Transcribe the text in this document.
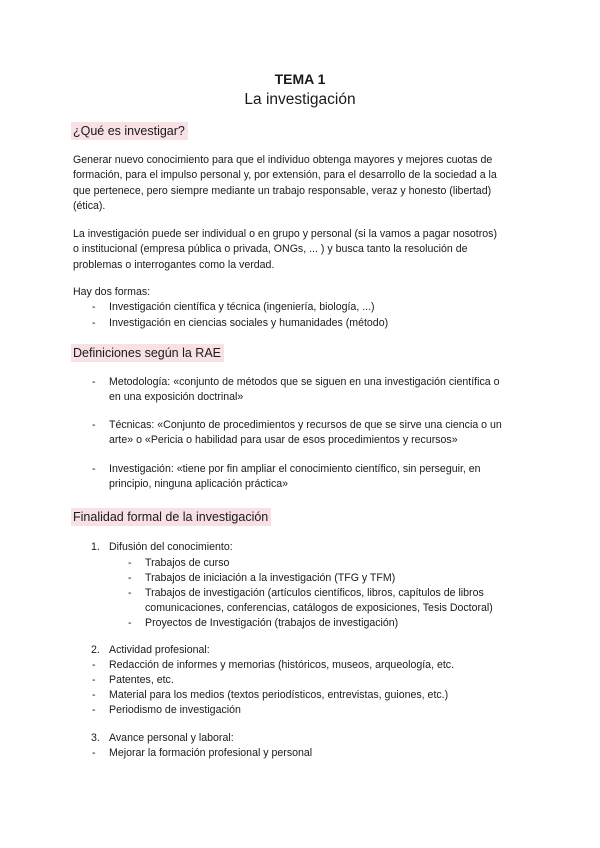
TEMA 1
La investigación
¿Qué es investigar?
Generar nuevo conocimiento para que el individuo obtenga mayores y mejores cuotas de
formación, para el impulso personal y, por extensión, para el desarrollo de la sociedad a la
que pertenece, pero siempre mediante un trabajo responsable, veraz y honesto (libertad)
(ética).
La investigación puede ser individual o en grupo y personal (si la vamos a pagar nosotros)
o institucional (empresa pública o privada, ONGs, ... ) y busca tanto la resolución de
problemas o interrogantes como la verdad.
Hay dos formas:
- Investigación científica y técnica (ingeniería, biología, ...)
- Investigación en ciencias sociales y humanidades (método)
Definiciones según la RAE
- Metodología: «conjunto de métodos que se siguen en una investigación científica o
en una exposición doctrinal»
- Técnicas: «Conjunto de procedimientos y recursos de que se sirve una ciencia o un
arte» o «Pericia o habilidad para usar de esos procedimientos y recursos»
- Investigación: «tiene por fin ampliar el conocimiento científico, sin perseguir, en
principio, ninguna aplicación práctica»
Finalidad formal de la investigación
1. Difusión del conocimiento:
- Trabajos de curso
- Trabajos de iniciación a la investigación (TFG y TFM)
- Trabajos de investigación (artículos científicos, libros, capítulos de libros
comunicaciones, conferencias, catálogos de exposiciones, Tesis Doctoral)
- Proyectos de Investigación (trabajos de investigación)
2. Actividad profesional:
- Redacción de informes y memorias (históricos, museos, arqueología, etc.
- Patentes, etc.
- Material para los medios (textos periodísticos, entrevistas, guiones, etc.)
- Periodismo de investigación
3. Avance personal y laboral:
- Mejorar la formación profesional y personal
